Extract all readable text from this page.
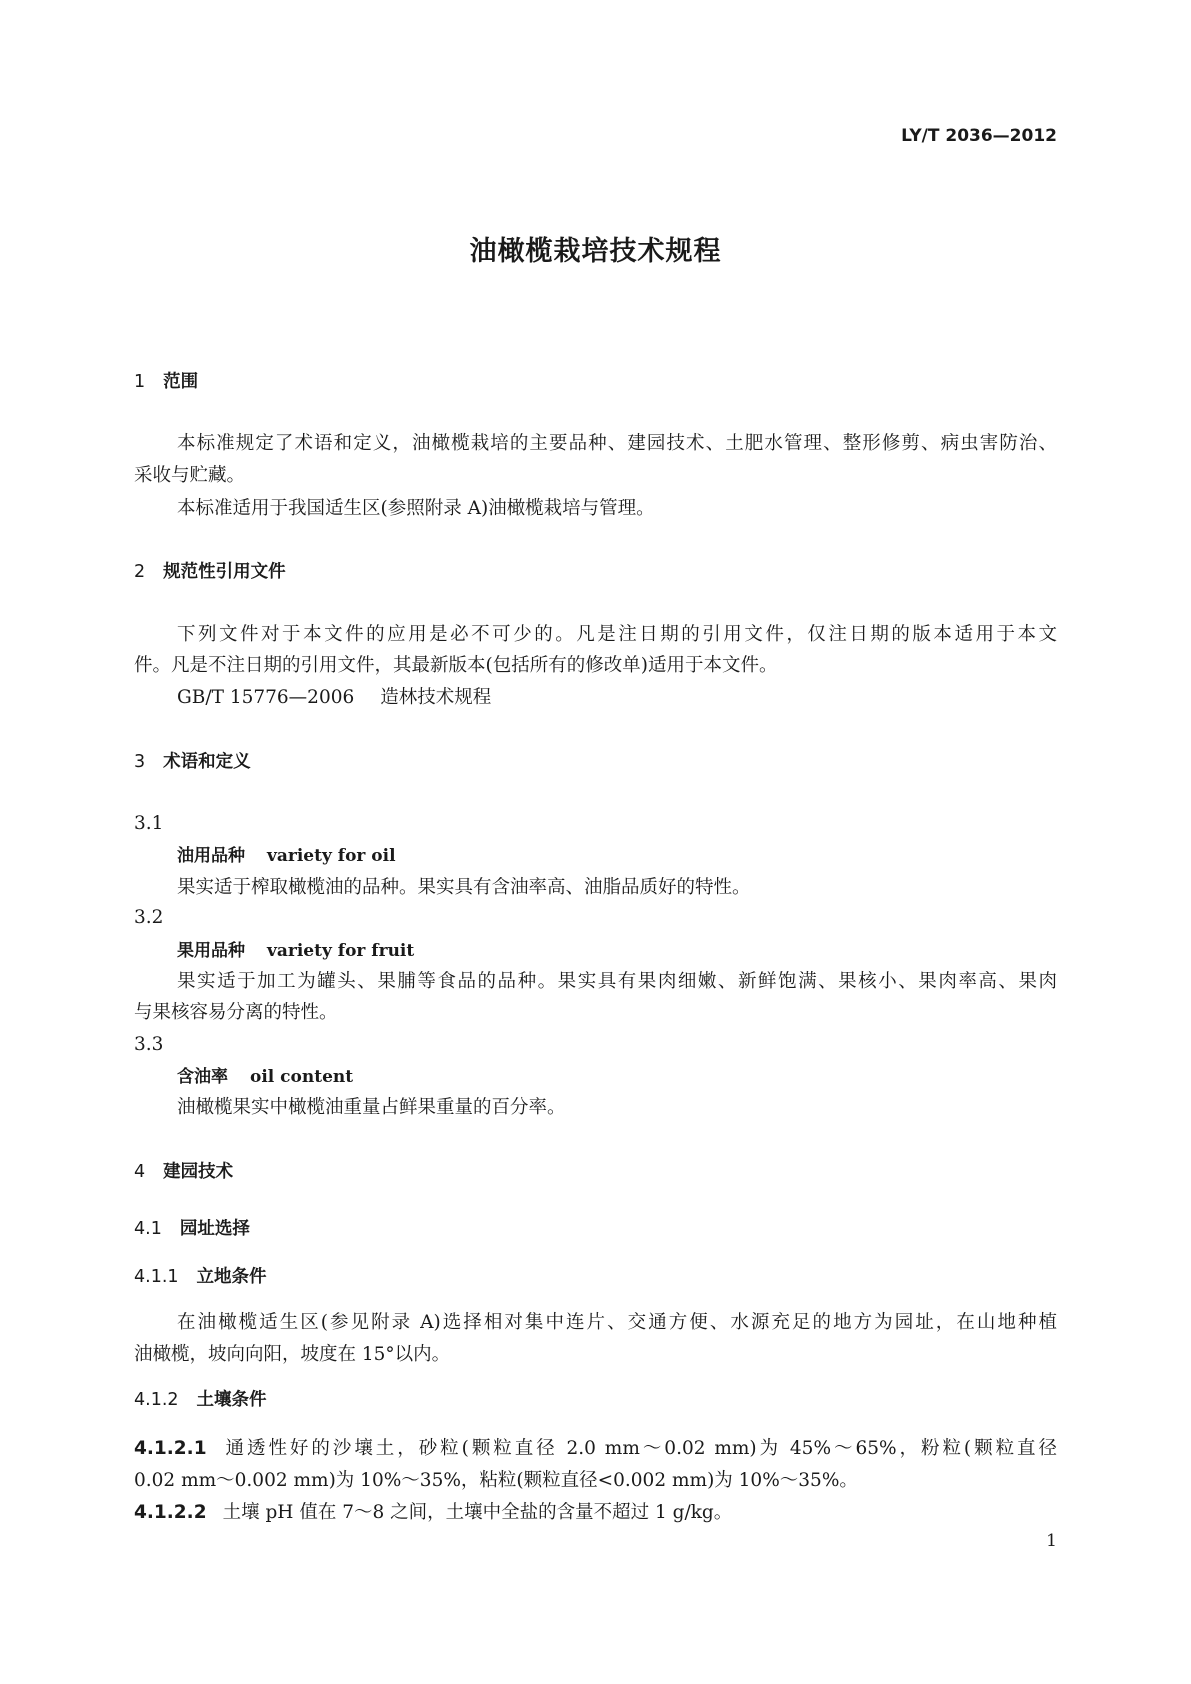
LY/T 2036—2012
油橄榄栽培技术规程
1 范围
本标准规定了术语和定义，油橄榄栽培的主要品种、建园技术、土肥水管理、整形修剪、病虫害防治、
采收与贮藏。
本标准适用于我国适生区(参照附录 A)油橄榄栽培与管理。
2 规范性引用文件
下列文件对于本文件的应用是必不可少的。凡是注日期的引用文件，仅注日期的版本适用于本文
件。凡是不注日期的引用文件，其最新版本(包括所有的修改单)适用于本文件。
GB/T 15776—2006 造林技术规程
3 术语和定义
3.1
油用品种 variety for oil
果实适于榨取橄榄油的品种。果实具有含油率高、油脂品质好的特性。
3.2
果用品种 variety for fruit
果实适于加工为罐头、果脯等食品的品种。果实具有果肉细嫩、新鲜饱满、果核小、果肉率高、果肉
与果核容易分离的特性。
3.3
含油率 oil content
油橄榄果实中橄榄油重量占鲜果重量的百分率。
4 建园技术
4.1 园址选择
4.1.1 立地条件
在油橄榄适生区(参见附录 A)选择相对集中连片、交通方便、水源充足的地方为园址，在山地种植
油橄榄，坡向向阳，坡度在 15°以内。
4.1.2 土壤条件
4.1.2.1 通透性好的沙壤土，砂粒(颗粒直径 2.0 mm～0.02 mm)为 45%～65%，粉粒(颗粒直径
0.02 mm～0.002 mm)为 10%～35%，粘粒(颗粒直径<0.002 mm)为 10%～35%。
4.1.2.2 土壤 pH 值在 7～8 之间，土壤中全盐的含量不超过 1 g/kg。
1
